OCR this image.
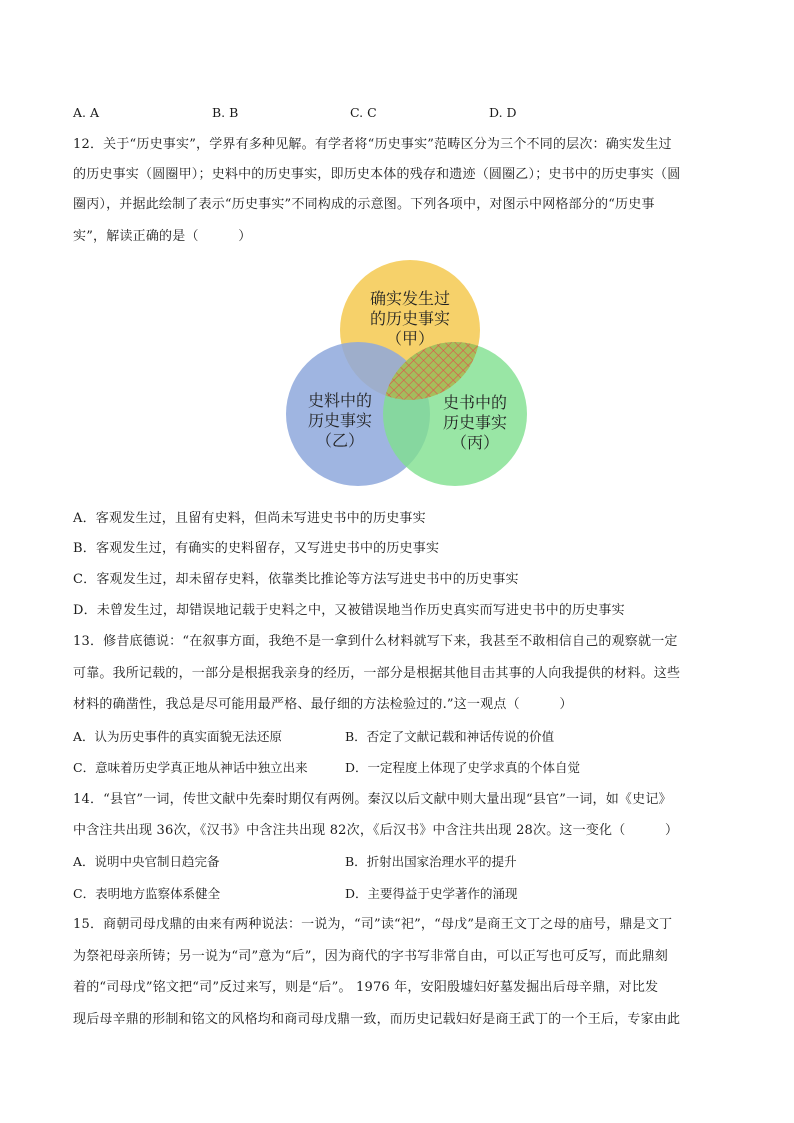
A. A	B. B	C. C	D. D
12．关于“历史事实”，学界有多种见解。有学者将“历史事实”范畴区分为三个不同的层次：确实发生过
的历史事实（圆圈甲）；史料中的历史事实，即历史本体的残存和遗迹（圆圈乙）；史书中的历史事实（圆
圈丙），并据此绘制了表示“历史事实”不同构成的示意图。下列各项中，对图示中网格部分的“历史事
实”，解读正确的是（　　　）
确实发生过
的历史事实
（甲）
史料中的
历史事实
（乙）
史书中的
历史事实
（丙）
A．客观发生过，且留有史料，但尚未写进史书中的历史事实
B．客观发生过，有确实的史料留存，又写进史书中的历史事实
C．客观发生过，却未留存史料，依靠类比推论等方法写进史书中的历史事实
D．未曾发生过，却错误地记载于史料之中，又被错误地当作历史真实而写进史书中的历史事实
13．修昔底德说：“在叙事方面，我绝不是一拿到什么材料就写下来，我甚至不敢相信自己的观察就一定
可靠。我所记载的，一部分是根据我亲身的经历，一部分是根据其他目击其事的人向我提供的材料。这些
材料的确凿性，我总是尽可能用最严格、最仔细的方法检验过的.”这一观点（　　　）
A．认为历史事件的真实面貌无法还原	B．否定了文献记载和神话传说的价值
C．意味着历史学真正地从神话中独立出来	D．一定程度上体现了史学求真的个体自觉
14．“县官”一词，传世文献中先秦时期仅有两例。秦汉以后文献中则大量出现“县官”一词，如《史记》
中含注共出现 36次，《汉书》中含注共出现 82次，《后汉书》中含注共出现 28次。这一变化（　　　）
A．说明中央官制日趋完备	B．折射出国家治理水平的提升
C．表明地方监察体系健全	D．主要得益于史学著作的涌现
15．商朝司母戊鼎的由来有两种说法：一说为，“司”读“祀”，“母戊”是商王文丁之母的庙号，鼎是文丁
为祭祀母亲所铸；另一说为“司”意为“后”，因为商代的字书写非常自由，可以正写也可反写，而此鼎刻
着的“司母戊”铭文把“司”反过来写，则是“后”。 1976 年，安阳殷墟妇好墓发掘出后母辛鼎，对比发
现后母辛鼎的形制和铭文的风格均和商司母戊鼎一致，而历史记载妇好是商王武丁的一个王后，专家由此
